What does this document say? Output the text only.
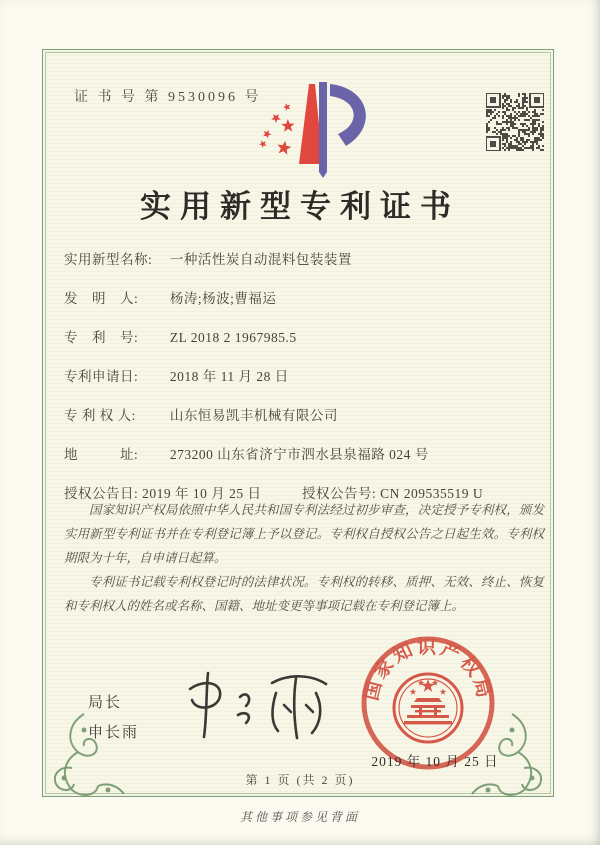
证 书 号 第 9530096 号
实用新型专利证书
实用新型名称: 一种活性炭自动混料包装装置
发　明　人: 杨涛;杨波;曹福运
专　利　号: ZL 2018 2 1967985.5
专利申请日: 2018 年 11 月 28 日
专 利 权 人:	山东恒易凯丰机械有限公司
地　　　址: 273200 山东省济宁市泗水县泉福路 024 号
授权公告日: 2019 年 10 月 25 日	授权公告号: CN 209535519 U

国家知识产权局依照中华人民共和国专利法经过初步审查，决定授予专利权，颁发实用新型专利证书并在专利登记簿上予以登记。专利权自授权公告之日起生效。专利权期限为十年，自申请日起算。

专利证书记载专利权登记时的法律状况。专利权的转移、质押、无效、终止、恢复和专利权人的姓名或名称、国籍、地址变更等事项记载在专利登记簿上。

局长
申长雨
国家知识产权局
2019 年 10 月 25 日
第 1 页 (共 2 页)
其他事项参见背面
